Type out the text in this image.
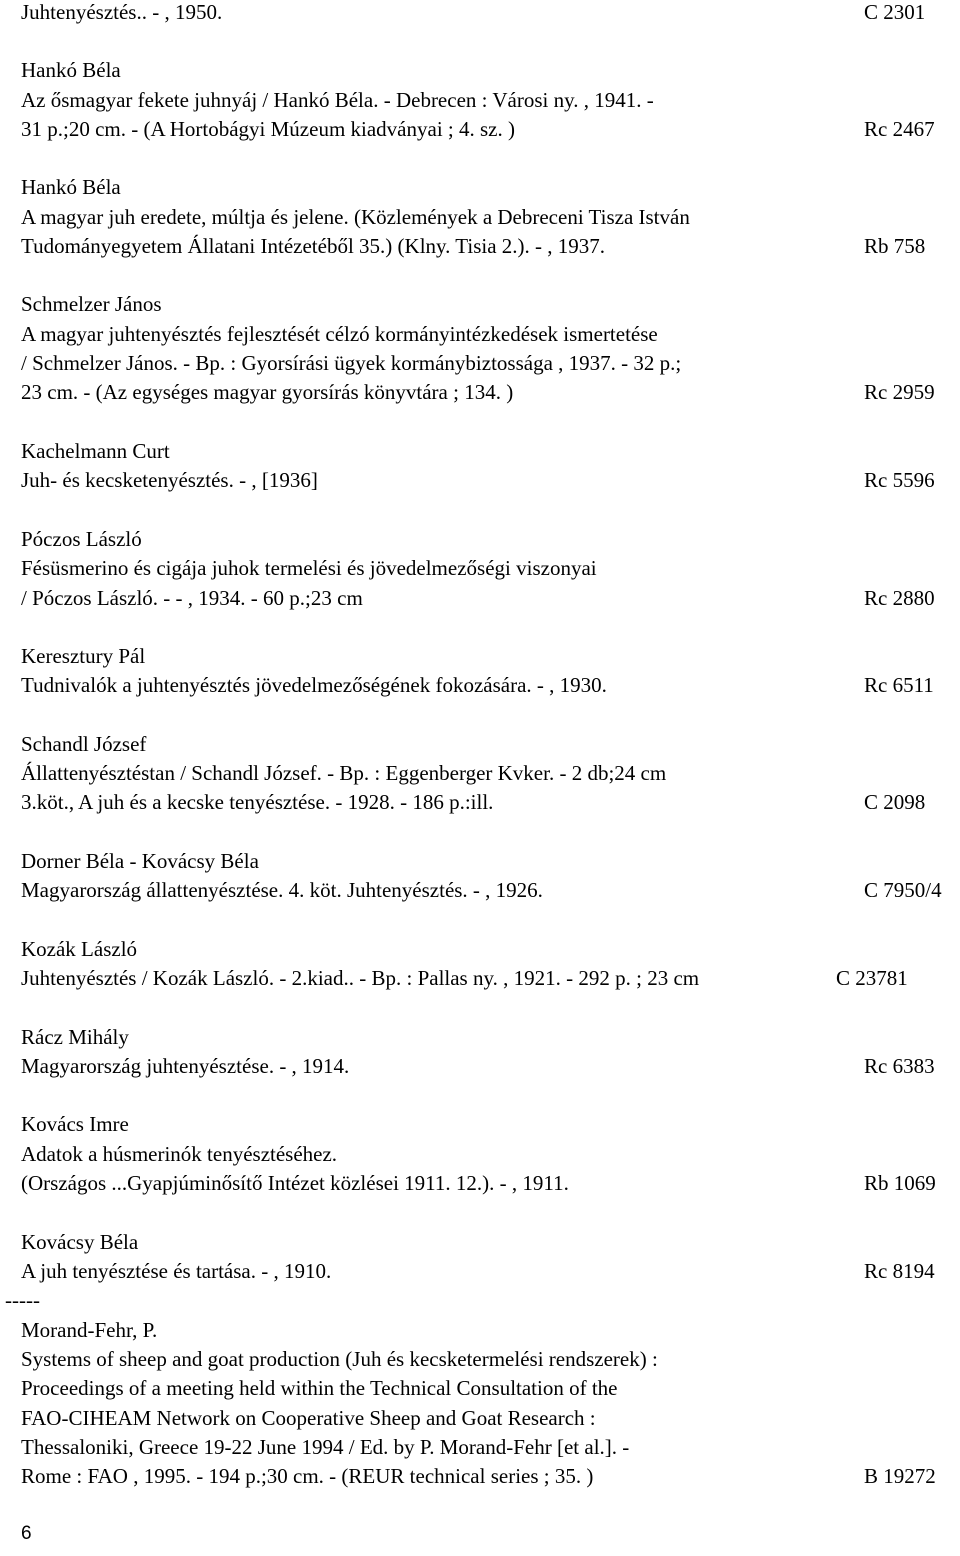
Juhtenyésztés.. - , 1950.	C 2301
Hankó Béla
Az ősmagyar fekete juhnyáj / Hankó Béla. - Debrecen : Városi ny. , 1941. -
31 p.;20 cm. - (A Hortobágyi Múzeum kiadványai ; 4. sz. )	Rc 2467
Hankó Béla
A magyar juh eredete, múltja és jelene. (Közlemények a Debreceni Tisza István
Tudományegyetem Állatani Intézetéből 35.) (Klny. Tisia 2.). - , 1937.	Rb 758
Schmelzer János
A magyar juhtenyésztés fejlesztését célzó kormányintézkedések ismertetése
/ Schmelzer János. - Bp. : Gyorsírási ügyek kormánybiztossága , 1937. - 32 p.;
23 cm. - (Az egységes magyar gyorsírás könyvtára ; 134. )	Rc 2959
Kachelmann Curt
Juh- és kecsketenyésztés. - , [1936]	Rc 5596
Póczos László
Fésüsmerino és cigája juhok termelési és jövedelmezőségi viszonyai
/ Póczos László. - - , 1934. - 60 p.;23 cm	Rc 2880
Keresztury Pál
Tudnivalók a juhtenyésztés jövedelmezőségének fokozására. - , 1930.	Rc 6511
Schandl József
Állattenyésztéstan / Schandl József. - Bp. : Eggenberger Kvker. - 2 db;24 cm
3.köt., A juh és a kecske tenyésztése. - 1928. - 186 p.:ill.	C 2098
Dorner Béla - Kovácsy Béla
Magyarország állattenyésztése. 4. köt. Juhtenyésztés. - , 1926.	C 7950/4
Kozák László
Juhtenyésztés / Kozák László. - 2.kiad.. - Bp. : Pallas ny. , 1921. - 292 p. ; 23 cm	C 23781
Rácz Mihály
Magyarország juhtenyésztése. - , 1914.	Rc 6383
Kovács Imre
Adatok a húsmerinók tenyésztéséhez.
(Országos ...Gyapjúminősítő Intézet közlései 1911. 12.). - , 1911.	Rb 1069
Kovácsy Béla
A juh tenyésztése és tartása. - , 1910.	Rc 8194
-----
Morand-Fehr, P.
Systems of sheep and goat production (Juh és kecsketermelési rendszerek) :
Proceedings of a meeting held within the Technical Consultation of the
FAO-CIHEAM Network on Cooperative Sheep and Goat Research :
Thessaloniki, Greece 19-22 June 1994 / Ed. by P. Morand-Fehr [et al.]. -
Rome : FAO , 1995. - 194 p.;30 cm. - (REUR technical series ; 35. )	B 19272
6
